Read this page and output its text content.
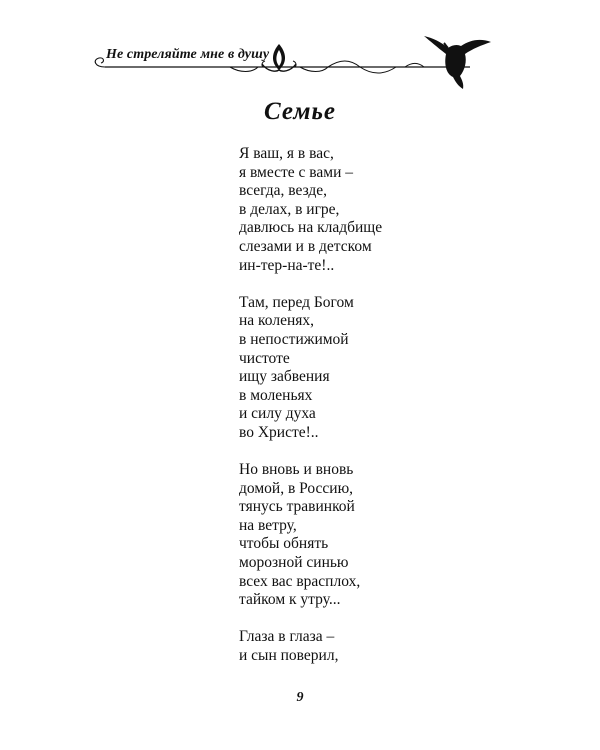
Не стреляйте мне в душу
Семье
Я ваш, я в вас,
я вместе с вами –
всегда, везде,
в делах, в игре,
давлюсь на кладбище
слезами и в детском
ин-тер-на-те!..
Там, перед Богом
на коленях,
в непостижимой
чистоте
ищу забвения
в моленьях
и силу духа
во Христе!..
Но вновь и вновь
домой, в Россию,
тянусь травинкой
на ветру,
чтобы обнять
морозной синью
всех вас врасплох,
тайком к утру...
Глаза в глаза –
и сын поверил,
9
